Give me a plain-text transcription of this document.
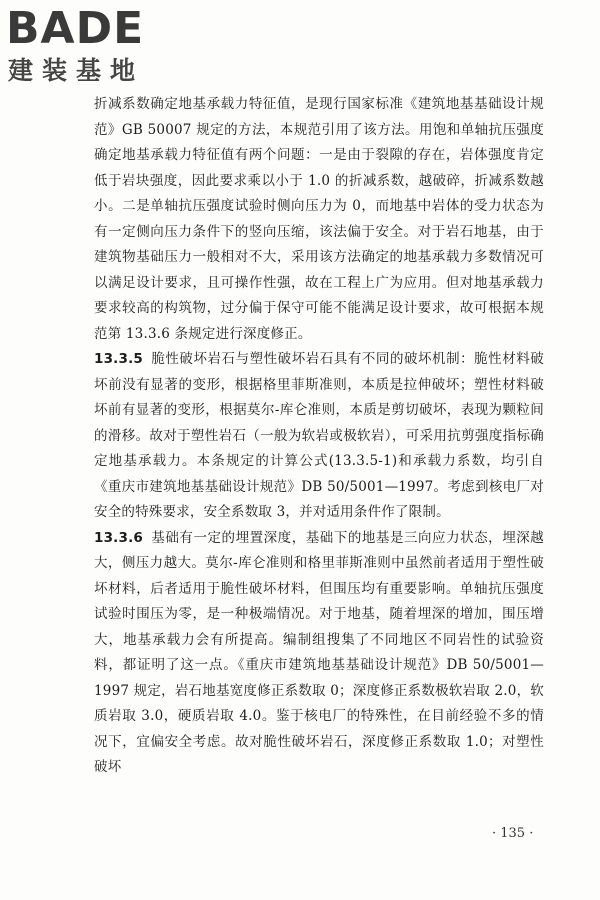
BADE
建装基地

折减系数确定地基承载力特征值，是现行国家标准《建筑地基基础设计规范》GB 50007 规定的方法，本规范引用了该方法。用饱和单轴抗压强度确定地基承载力特征值有两个问题：一是由于裂隙的存在，岩体强度肯定低于岩块强度，因此要求乘以小于 1.0 的折减系数，越破碎，折减系数越小。二是单轴抗压强度试验时侧向压力为 0，而地基中岩体的受力状态为有一定侧向压力条件下的竖向压缩，该法偏于安全。对于岩石地基，由于建筑物基础压力一般相对不大，采用该方法确定的地基承载力多数情况可以满足设计要求，且可操作性强，故在工程上广为应用。但对地基承载力要求较高的构筑物，过分偏于保守可能不能满足设计要求，故可根据本规范第 13.3.6 条规定进行深度修正。

13.3.5 脆性破坏岩石与塑性破坏岩石具有不同的破坏机制：脆性材料破坏前没有显著的变形，根据格里菲斯准则，本质是拉伸破坏；塑性材料破坏前有显著的变形，根据莫尔-库仑准则，本质是剪切破坏，表现为颗粒间的滑移。故对于塑性岩石（一般为软岩或极软岩），可采用抗剪强度指标确定地基承载力。本条规定的计算公式(13.3.5-1)和承载力系数，均引自《重庆市建筑地基基础设计规范》DB 50/5001—1997。考虑到核电厂对安全的特殊要求，安全系数取 3，并对适用条件作了限制。

13.3.6 基础有一定的埋置深度，基础下的地基是三向应力状态，埋深越大，侧压力越大。莫尔-库仑准则和格里菲斯准则中虽然前者适用于塑性破坏材料，后者适用于脆性破坏材料，但围压均有重要影响。单轴抗压强度试验时围压为零，是一种极端情况。对于地基，随着埋深的增加，围压增大，地基承载力会有所提高。编制组搜集了不同地区不同岩性的试验资料，都证明了这一点。《重庆市建筑地基基础设计规范》DB 50/5001—1997 规定，岩石地基宽度修正系数取 0；深度修正系数极软岩取 2.0，软质岩取 3.0，硬质岩取 4.0。鉴于核电厂的特殊性，在目前经验不多的情况下，宜偏安全考虑。故对脆性破坏岩石，深度修正系数取 1.0；对塑性破坏

· 135 ·
